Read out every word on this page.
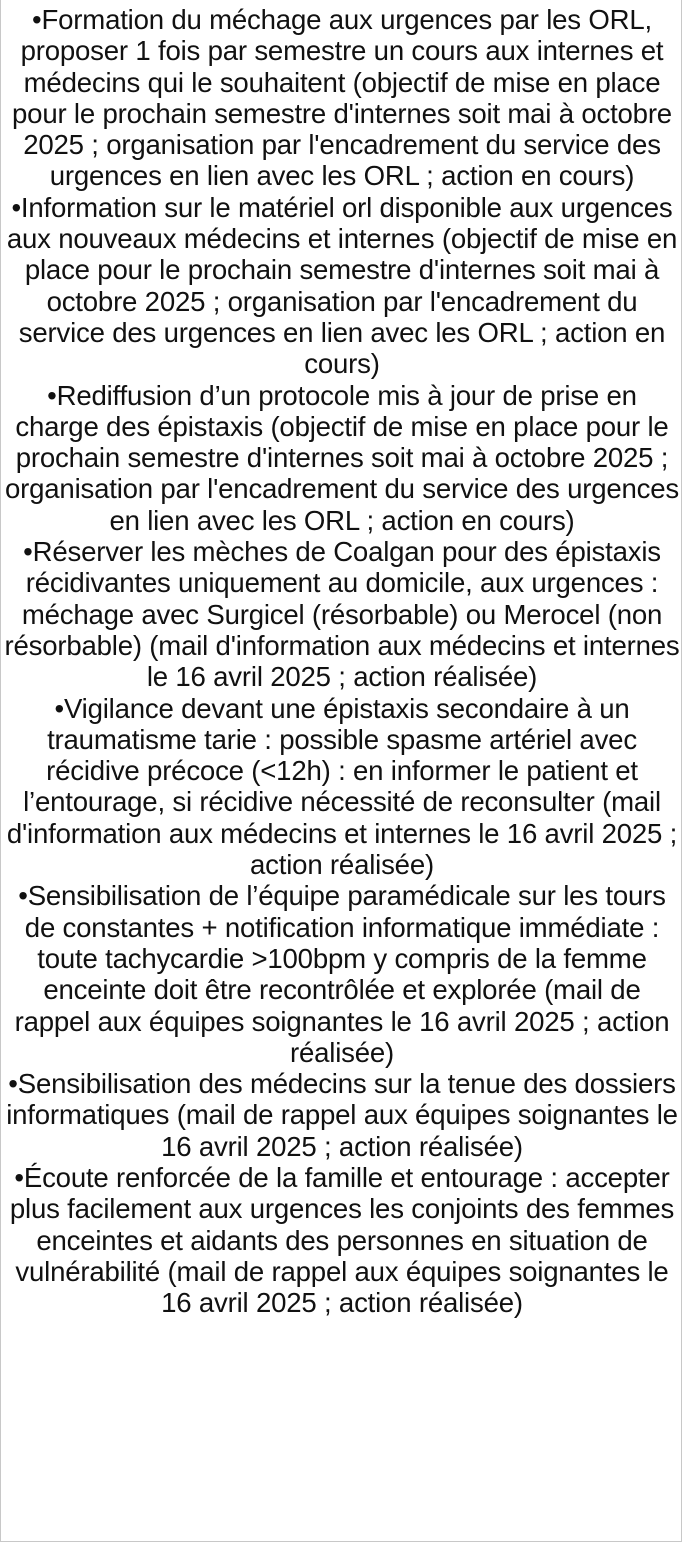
•Formation du méchage aux urgences par les ORL, proposer 1 fois par semestre un cours aux internes et médecins qui le souhaitent (objectif de mise en place pour le prochain semestre d'internes soit mai à octobre 2025 ; organisation par l'encadrement du service des urgences en lien avec les ORL ; action en cours)

•Information sur le matériel orl disponible aux urgences aux nouveaux médecins et internes (objectif de mise en place pour le prochain semestre d'internes soit mai à octobre 2025 ; organisation par l'encadrement du service des urgences en lien avec les ORL ; action en cours)

•Rediffusion d’un protocole mis à jour de prise en charge des épistaxis (objectif de mise en place pour le prochain semestre d'internes soit mai à octobre 2025 ; organisation par l'encadrement du service des urgences en lien avec les ORL ; action en cours)

•Réserver les mèches de Coalgan pour des épistaxis récidivantes uniquement au domicile, aux urgences : méchage avec Surgicel (résorbable) ou Merocel (non résorbable) (mail d'information aux médecins et internes le 16 avril 2025 ; action réalisée)

•Vigilance devant une épistaxis secondaire à un traumatisme tarie : possible spasme artériel avec récidive précoce (<12h) : en informer le patient et l’entourage, si récidive nécessité de reconsulter (mail d'information aux médecins et internes le 16 avril 2025 ; action réalisée)

•Sensibilisation de l’équipe paramédicale sur les tours de constantes + notification informatique immédiate : toute tachycardie >100bpm y compris de la femme enceinte doit être recontrôlée et explorée (mail de rappel aux équipes soignantes le 16 avril 2025 ; action réalisée)

•Sensibilisation des médecins sur la tenue des dossiers informatiques (mail de rappel aux équipes soignantes le 16 avril 2025 ; action réalisée)

•Écoute renforcée de la famille et entourage : accepter plus facilement aux urgences les conjoints des femmes enceintes et aidants des personnes en situation de vulnérabilité (mail de rappel aux équipes soignantes le 16 avril 2025 ; action réalisée)
